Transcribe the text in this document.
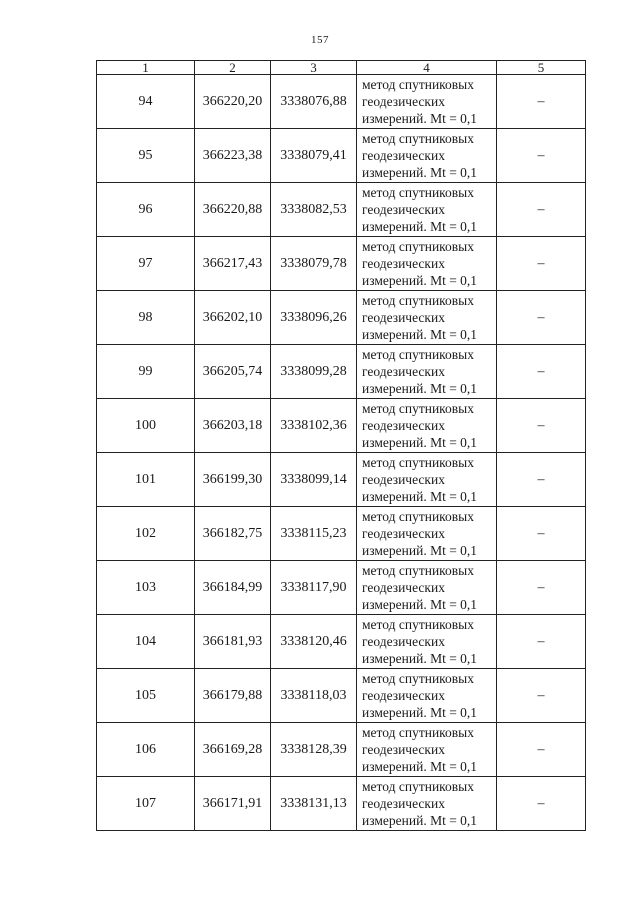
157
1	2	3	4	5
94	366220,20	3338076,88	метод спутниковых
геодезических
измерений. Mt = 0,1	–
95	366223,38	3338079,41	метод спутниковых
геодезических
измерений. Mt = 0,1	–
96	366220,88	3338082,53	метод спутниковых
геодезических
измерений. Mt = 0,1	–
97	366217,43	3338079,78	метод спутниковых
геодезических
измерений. Mt = 0,1	–
98	366202,10	3338096,26	метод спутниковых
геодезических
измерений. Mt = 0,1	–
99	366205,74	3338099,28	метод спутниковых
геодезических
измерений. Mt = 0,1	–
100	366203,18	3338102,36	метод спутниковых
геодезических
измерений. Mt = 0,1	–
101	366199,30	3338099,14	метод спутниковых
геодезических
измерений. Mt = 0,1	–
102	366182,75	3338115,23	метод спутниковых
геодезических
измерений. Mt = 0,1	–
103	366184,99	3338117,90	метод спутниковых
геодезических
измерений. Mt = 0,1	–
104	366181,93	3338120,46	метод спутниковых
геодезических
измерений. Mt = 0,1	–
105	366179,88	3338118,03	метод спутниковых
геодезических
измерений. Mt = 0,1	–
106	366169,28	3338128,39	метод спутниковых
геодезических
измерений. Mt = 0,1	–
107	366171,91	3338131,13	метод спутниковых
геодезических
измерений. Mt = 0,1	–
